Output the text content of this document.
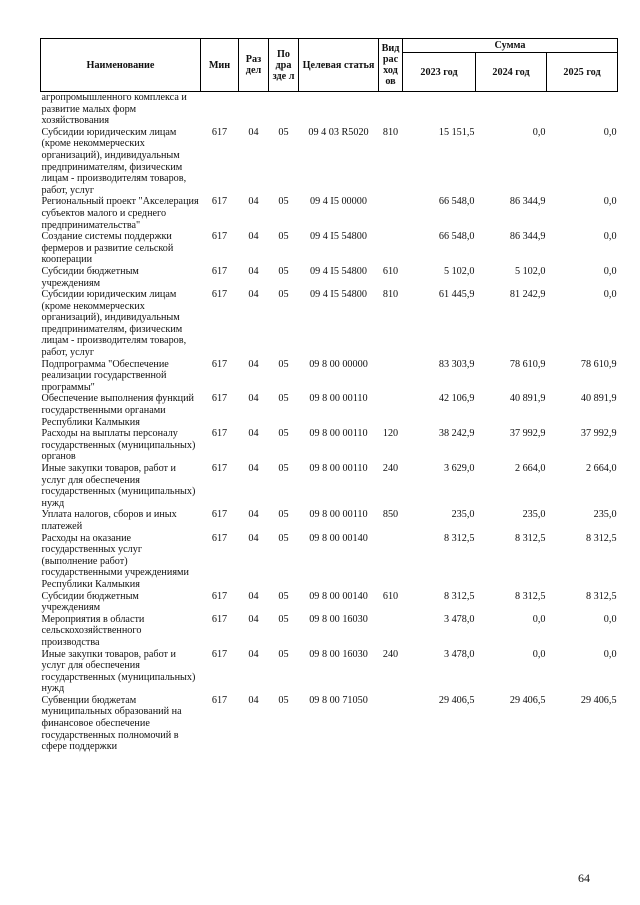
Наименование	Мин	Раз дел	По дра зде л	Целевая статья	Вид рас ход ов	Сумма		
						2023 год	2024 год	2025 год
агропромышленного комплекса и развитие малых форм хозяйствования								
Субсидии юридическим лицам (кроме некоммерческих организаций), индивидуальным предпринимателям, физическим лицам - производителям товаров, работ, услуг	617	04	05	09 4 03 R5020	810	15 151,5	0,0	0,0
Региональный проект "Акселерация субъектов малого и среднего предпринимательства"	617	04	05	09 4 I5 00000		66 548,0	86 344,9	0,0
Создание системы поддержки фермеров и развитие сельской кооперации	617	04	05	09 4 I5 54800		66 548,0	86 344,9	0,0
Субсидии бюджетным учреждениям	617	04	05	09 4 I5 54800	610	5 102,0	5 102,0	0,0
Субсидии юридическим лицам (кроме некоммерческих организаций), индивидуальным предпринимателям, физическим лицам - производителям товаров, работ, услуг	617	04	05	09 4 I5 54800	810	61 445,9	81 242,9	0,0
Подпрограмма "Обеспечение реализации государственной программы"	617	04	05	09 8 00 00000		83 303,9	78 610,9	78 610,9
Обеспечение выполнения функций государственными органами Республики Калмыкия	617	04	05	09 8 00 00110		42 106,9	40 891,9	40 891,9
Расходы на выплаты персоналу государственных (муниципальных) органов	617	04	05	09 8 00 00110	120	38 242,9	37 992,9	37 992,9
Иные закупки товаров, работ и услуг для обеспечения государственных (муниципальных) нужд	617	04	05	09 8 00 00110	240	3 629,0	2 664,0	2 664,0
Уплата налогов, сборов и иных платежей	617	04	05	09 8 00 00110	850	235,0	235,0	235,0
Расходы на оказание государственных услуг (выполнение работ) государственными учреждениями Республики Калмыкия	617	04	05	09 8 00 00140		8 312,5	8 312,5	8 312,5
Субсидии бюджетным учреждениям	617	04	05	09 8 00 00140	610	8 312,5	8 312,5	8 312,5
Мероприятия в области сельскохозяйственного производства	617	04	05	09 8 00 16030		3 478,0	0,0	0,0
Иные закупки товаров, работ и услуг для обеспечения государственных (муниципальных) нужд	617	04	05	09 8 00 16030	240	3 478,0	0,0	0,0
Субвенции бюджетам муниципальных образований на финансовое обеспечение государственных полномочий в сфере поддержки	617	04	05	09 8 00 71050		29 406,5	29 406,5	29 406,5
64
